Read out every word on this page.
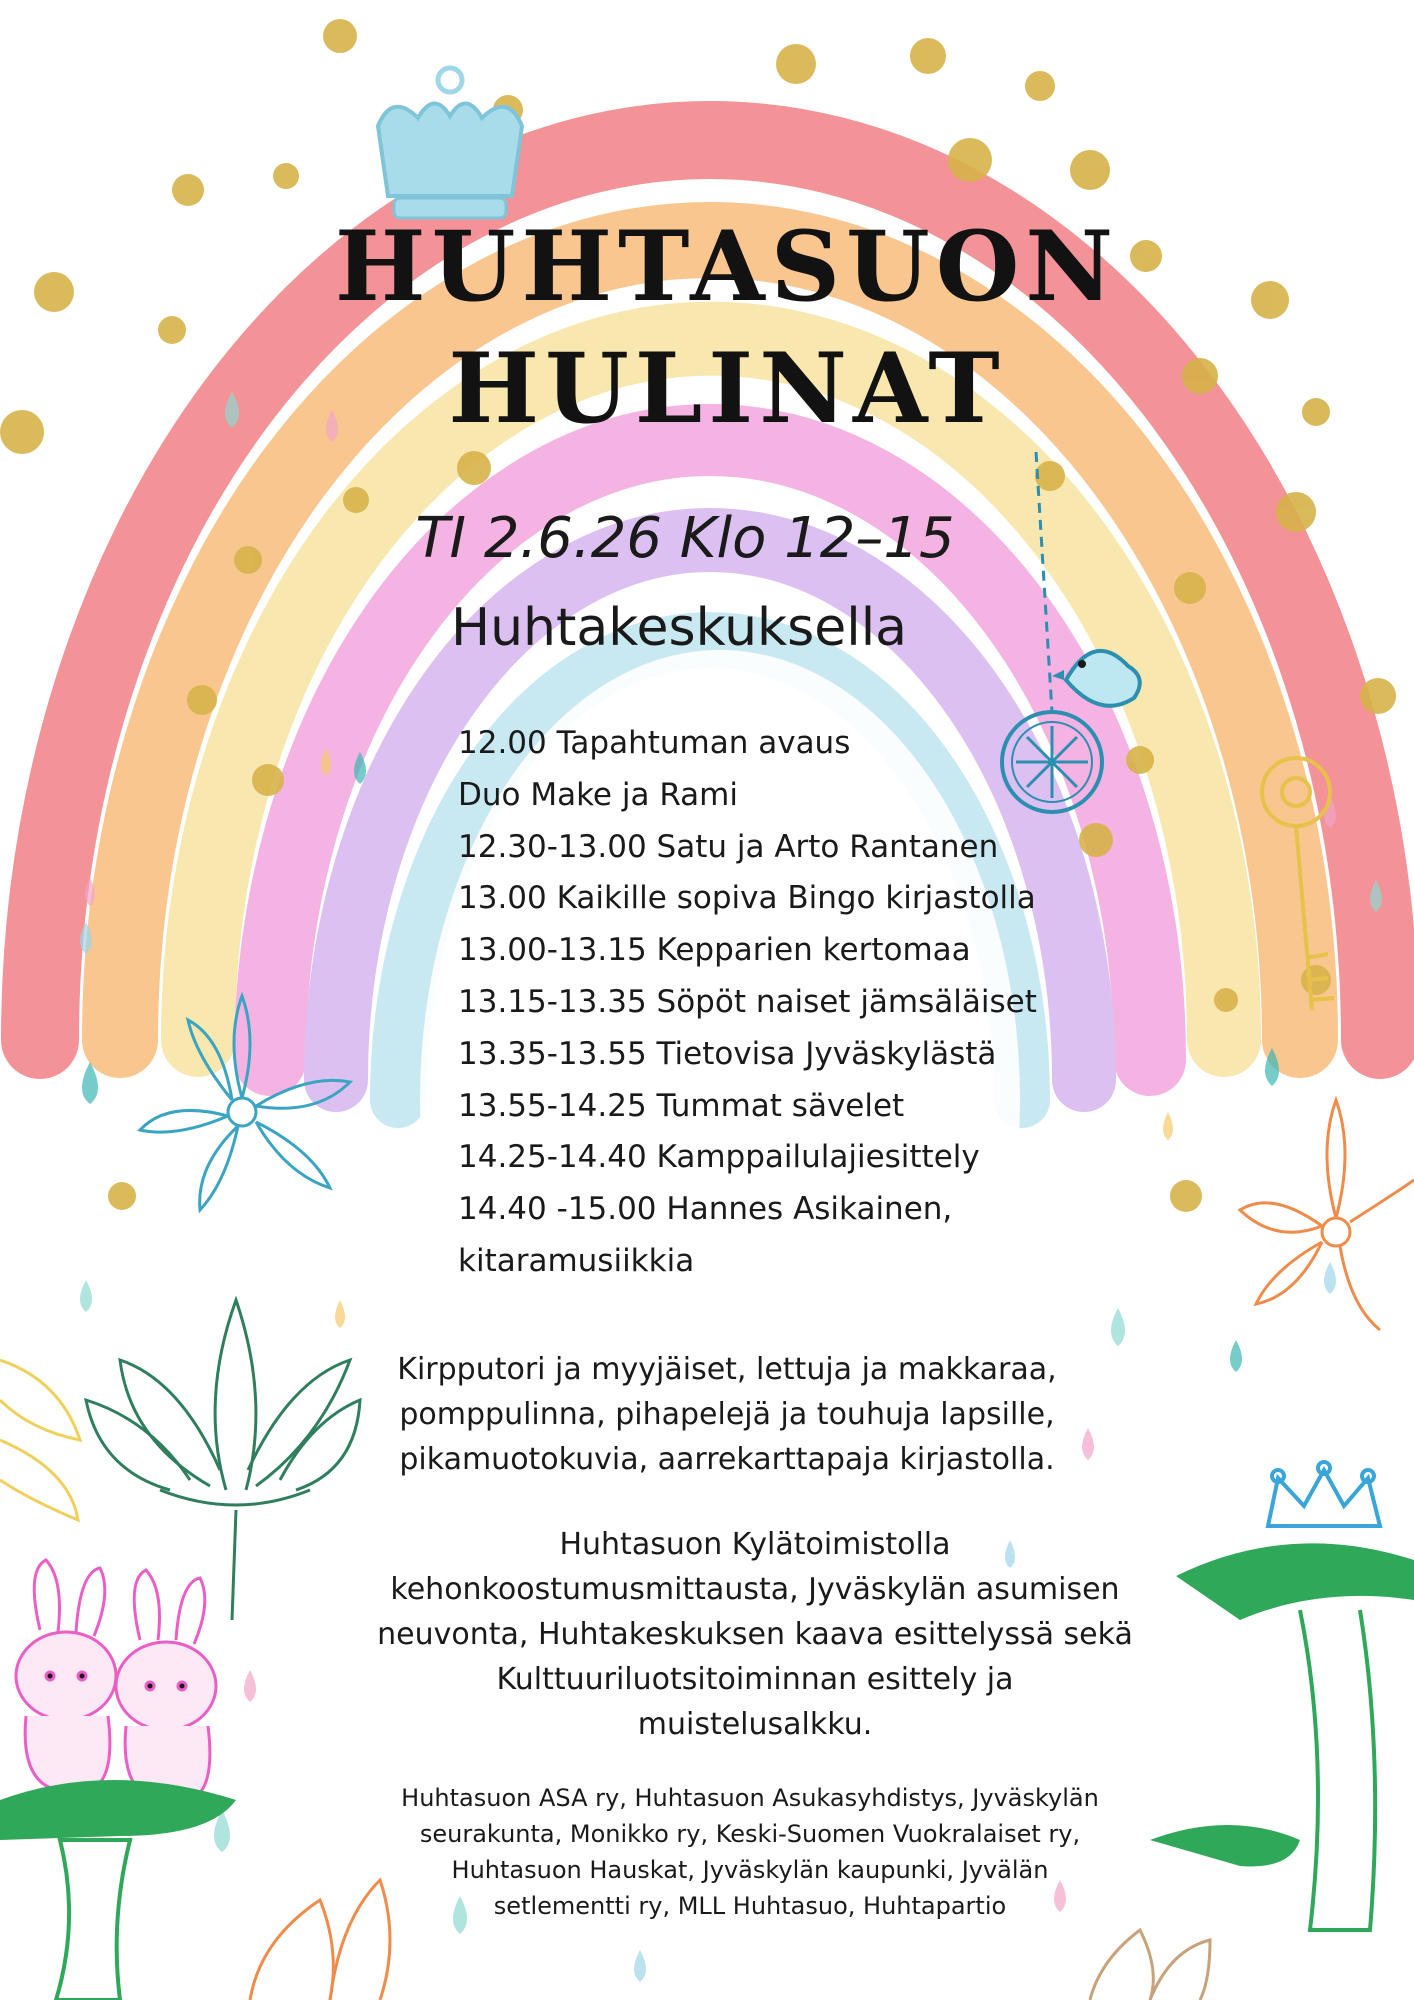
HUHTASUON
HULINAT
TI 2.6.26 Klo 12–15
Huhtakeskuksella
12.00 Tapahtuman avaus
Duo Make ja Rami
12.30-13.00 Satu ja Arto Rantanen
13.00 Kaikille sopiva Bingo kirjastolla
13.00-13.15 Kepparien kertomaa
13.15-13.35 Söpöt naiset jämsäläiset
13.35-13.55 Tietovisa Jyväskylästä
13.55-14.25 Tummat sävelet
14.25-14.40 Kamppailulajiesittely
14.40 -15.00 Hannes Asikainen,
kitaramusiikkia
Kirpputori ja myyjäiset, lettuja ja makkaraa,
pomppulinna, pihapelejä ja touhuja lapsille,
pikamuotokuvia, aarrekarttapaja kirjastolla.
Huhtasuon Kylätoimistolla
kehonkoostumusmittausta, Jyväskylän asumisen
neuvonta, Huhtakeskuksen kaava esittelyssä sekä
Kulttuuriluotsitoiminnan esittely ja
muistelusalkku.
Huhtasuon ASA ry, Huhtasuon Asukasyhdistys, Jyväskylän
seurakunta, Monikko ry, Keski-Suomen Vuokralaiset ry,
Huhtasuon Hauskat, Jyväskylän kaupunki, Jyvälän
setlementti ry, MLL Huhtasuo, Huhtapartio
